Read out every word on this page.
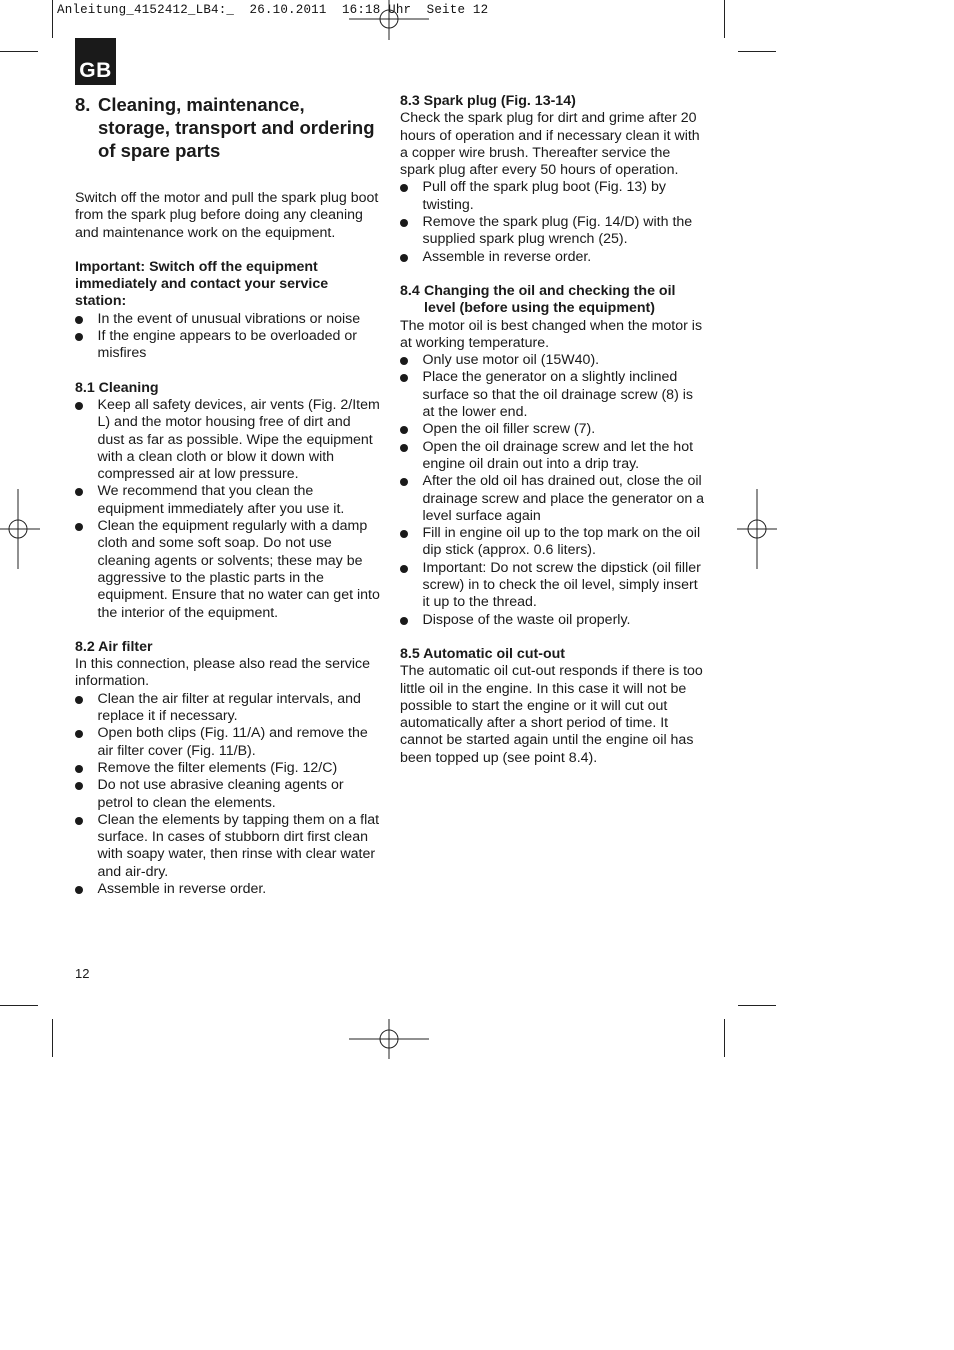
Anleitung_4152412_LB4:_  26.10.2011  16:18 Uhr  Seite 12
GB
8. Cleaning, maintenance, storage, transport and ordering of spare parts

Switch off the motor and pull the spark plug boot from the spark plug before doing any cleaning and maintenance work on the equipment.

Important: Switch off the equipment immediately and contact your service station:

In the event of unusual vibrations or noise
If the engine appears to be overloaded or misfires

8.1 Cleaning

Keep all safety devices, air vents (Fig. 2/Item L) and the motor housing free of dirt and dust as far as possible. Wipe the equipment with a clean cloth or blow it down with compressed air at low pressure.
We recommend that you clean the equipment immediately after you use it.
Clean the equipment regularly with a damp cloth and some soft soap. Do not use cleaning agents or solvents; these may be aggressive to the plastic parts in the equipment. Ensure that no water can get into the interior of the equipment.

8.2 Air filter

In this connection, please also read the service information.

Clean the air filter at regular intervals, and replace it if necessary.
Open both clips (Fig. 11/A) and remove the air filter cover (Fig. 11/B).
Remove the filter elements (Fig. 12/C)
Do not use abrasive cleaning agents or petrol to clean the elements.
Clean the elements by tapping them on a flat surface. In cases of stubborn dirt first clean with soapy water, then rinse with clear water and air-dry.
Assemble in reverse order.

8.3 Spark plug (Fig. 13-14)

Check the spark plug for dirt and grime after 20 hours of operation and if necessary clean it with a copper wire brush. Thereafter service the spark plug after every 50 hours of operation.

Pull off the spark plug boot (Fig. 13) by twisting.
Remove the spark plug (Fig. 14/D) with the supplied spark plug wrench (25).
Assemble in reverse order.
8.4 Changing the oil and checking the oil level (before using the equipment)

The motor oil is best changed when the motor is at working temperature.

Only use motor oil (15W40).
Place the generator on a slightly inclined surface so that the oil drainage screw (8) is at the lower end.
Open the oil filler screw (7).
Open the oil drainage screw and let the hot engine oil drain out into a drip tray.
After the old oil has drained out, close the oil drainage screw and place the generator on a level surface again
Fill in engine oil up to the top mark on the oil dip stick (approx. 0.6 liters).
Important: Do not screw the dipstick (oil filler screw) in to check the oil level, simply insert it up to the thread.
Dispose of the waste oil properly.

8.5 Automatic oil cut-out

The automatic oil cut-out responds if there is too little oil in the engine. In this case it will not be possible to start the engine or it will cut out automatically after a short period of time. It cannot be started again until the engine oil has been topped up (see point 8.4).

12
